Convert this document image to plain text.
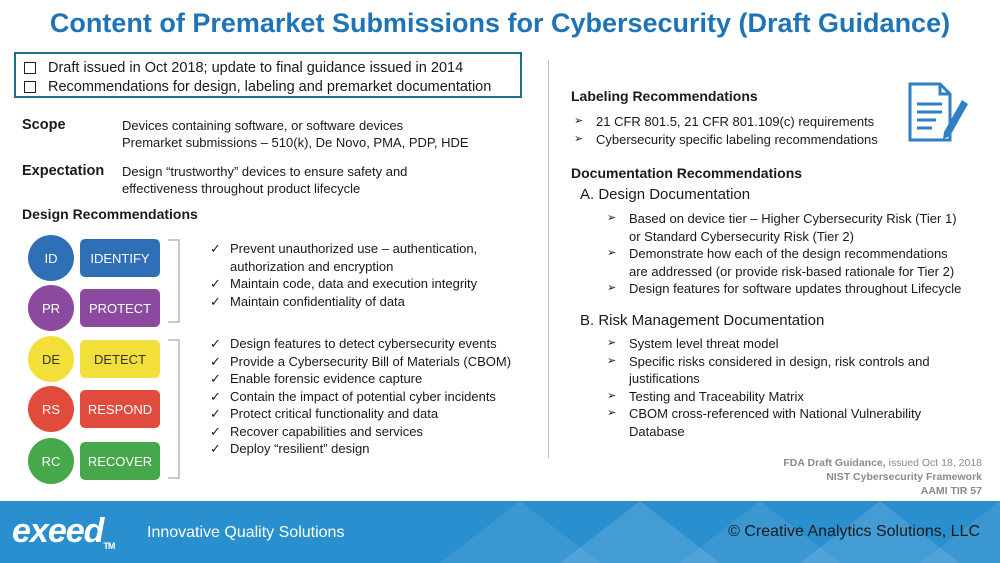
Content of Premarket Submissions for Cybersecurity (Draft Guidance)
Draft issued in Oct 2018; update to final guidance issued in 2014
Recommendations for design, labeling and premarket documentation
Scope	Devices containing software, or software devices
Premarket submissions – 510(k), De Novo, PMA, PDP, HDE
Expectation Design “trustworthy” devices to ensure safety and
effectiveness throughout product lifecycle
Design Recommendations
ID	IDENTIFY
PR	PROTECT
DE	DETECT
RS	RESPOND
RC	RECOVER
✓ Prevent unauthorized use – authentication,
authorization and encryption
✓ Maintain code, data and execution integrity
✓ Maintain confidentiality of data
✓ Design features to detect cybersecurity events
✓ Provide a Cybersecurity Bill of Materials (CBOM)
✓ Enable forensic evidence capture
✓ Contain the impact of potential cyber incidents
✓ Protect critical functionality and data
✓ Recover capabilities and services
✓ Deploy “resilient” design
Labeling Recommendations
➢ 21 CFR 801.5, 21 CFR 801.109(c) requirements
➢ Cybersecurity specific labeling recommendations
Documentation Recommendations
A. Design Documentation
➢ Based on device tier – Higher Cybersecurity Risk (Tier 1)
or Standard Cybersecurity Risk (Tier 2)
➢ Demonstrate how each of the design recommendations
are addressed (or provide risk-based rationale for Tier 2)
➢ Design features for software updates throughout Lifecycle
B. Risk Management Documentation
➢ System level threat model
➢ Specific risks considered in design, risk controls and
justifications
➢ Testing and Traceability Matrix
➢ CBOM cross-referenced with National Vulnerability
Database
FDA Draft Guidance, issued Oct 18, 2018
NIST Cybersecurity Framework
AAMI TIR 57
exeedTM
Innovative Quality Solutions	© Creative Analytics Solutions, LLC
